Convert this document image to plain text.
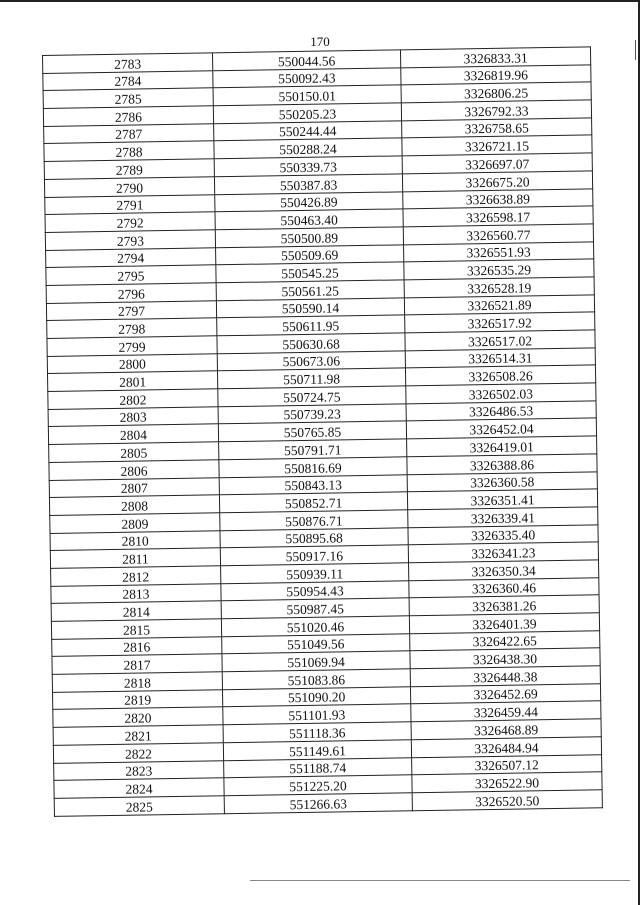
170
2783	550044.56	3326833.31
2784	550092.43	3326819.96
2785	550150.01	3326806.25
2786	550205.23	3326792.33
2787	550244.44	3326758.65
2788	550288.24	3326721.15
2789	550339.73	3326697.07
2790	550387.83	3326675.20
2791	550426.89	3326638.89
2792	550463.40	3326598.17
2793	550500.89	3326560.77
2794	550509.69	3326551.93
2795	550545.25	3326535.29
2796	550561.25	3326528.19
2797	550590.14	3326521.89
2798	550611.95	3326517.92
2799	550630.68	3326517.02
2800	550673.06	3326514.31
2801	550711.98	3326508.26
2802	550724.75	3326502.03
2803	550739.23	3326486.53
2804	550765.85	3326452.04
2805	550791.71	3326419.01
2806	550816.69	3326388.86
2807	550843.13	3326360.58
2808	550852.71	3326351.41
2809	550876.71	3326339.41
2810	550895.68	3326335.40
2811	550917.16	3326341.23
2812	550939.11	3326350.34
2813	550954.43	3326360.46
2814	550987.45	3326381.26
2815	551020.46	3326401.39
2816	551049.56	3326422.65
2817	551069.94	3326438.30
2818	551083.86	3326448.38
2819	551090.20	3326452.69
2820	551101.93	3326459.44
2821	551118.36	3326468.89
2822	551149.61	3326484.94
2823	551188.74	3326507.12
2824	551225.20	3326522.90
2825	551266.63	3326520.50
